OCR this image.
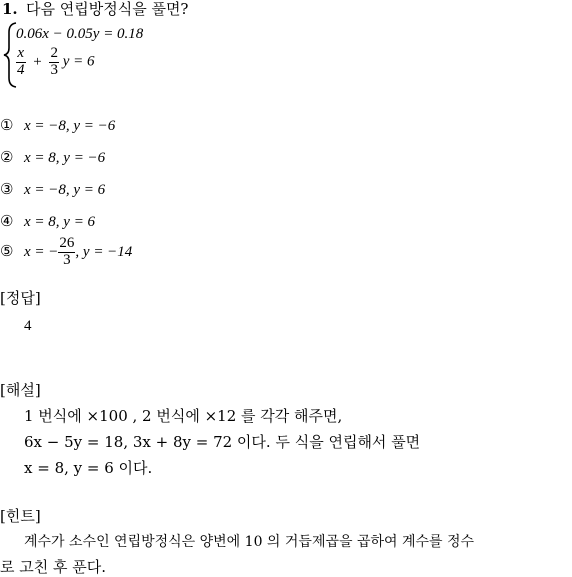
1. 다음 연립방정식을 풀면?
0.06x − 0.05y = 0.18
$\frac{x}{4} + \frac{2}{3}$ y = 6
① x = −8, y = −6
② x = 8, y = −6
③ x = −8, y = 6
④ x = 8, y = 6
⑤ x = − $\frac{26}{3}$ , y = −14
[정답]
4
[해설]
1 번식에 ×100 , 2 번식에 ×12 를 각각 해주면,
6x − 5y = 18, 3x + 8y = 72 이다. 두 식을 연립해서 풀면
x = 8, y = 6 이다.
[힌트]
계수가 소수인 연립방정식은 양변에 10 의 거듭제곱을 곱하여 계수를 정수
로 고친 후 푼다.
